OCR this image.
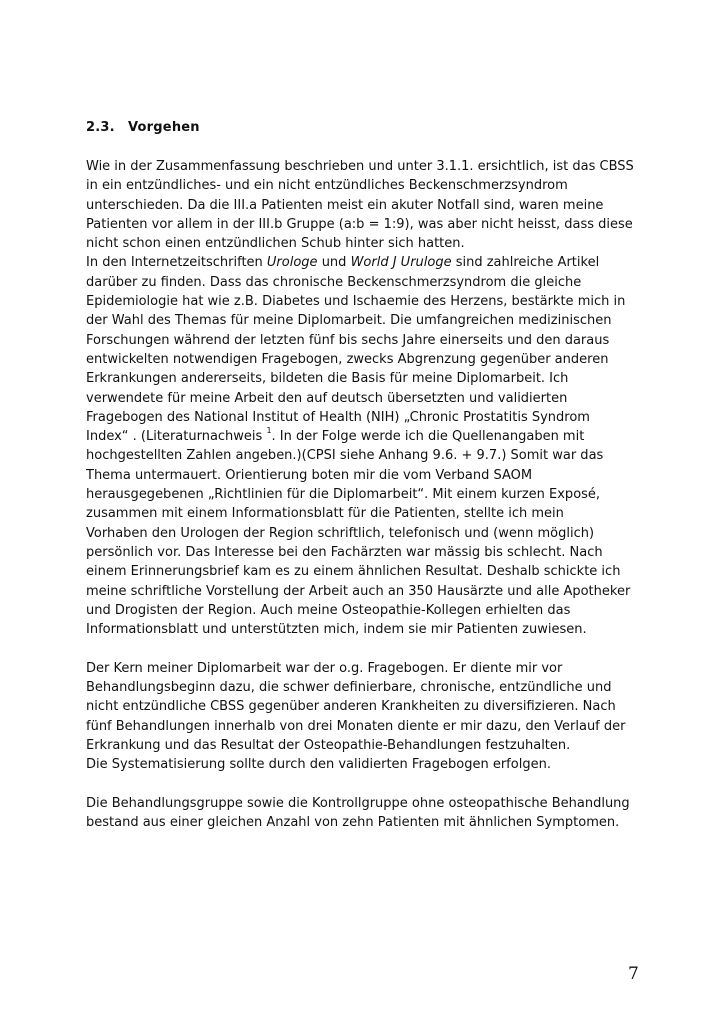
2.3. Vorgehen
Wie in der Zusammenfassung beschrieben und unter 3.1.1. ersichtlich, ist das CBSS
in ein entzündliches- und ein nicht entzündliches Beckenschmerzsyndrom
unterschieden. Da die III.a Patienten meist ein akuter Notfall sind, waren meine
Patienten vor allem in der III.b Gruppe (a:b = 1:9), was aber nicht heisst, dass diese
nicht schon einen entzündlichen Schub hinter sich hatten.
In den Internetzeitschriften Urologe und World J Uruloge sind zahlreiche Artikel
darüber zu finden. Dass das chronische Beckenschmerzsyndrom die gleiche
Epidemiologie hat wie z.B. Diabetes und Ischaemie des Herzens, bestärkte mich in
der Wahl des Themas für meine Diplomarbeit. Die umfangreichen medizinischen
Forschungen während der letzten fünf bis sechs Jahre einerseits und den daraus
entwickelten notwendigen Fragebogen, zwecks Abgrenzung gegenüber anderen
Erkrankungen andererseits, bildeten die Basis für meine Diplomarbeit. Ich
verwendete für meine Arbeit den auf deutsch übersetzten und validierten
Fragebogen des National Institut of Health (NIH) „Chronic Prostatitis Syndrom
Index“ . (Literaturnachweis $^1$. In der Folge werde ich die Quellenangaben mit
hochgestellten Zahlen angeben.)(CPSI siehe Anhang 9.6. + 9.7.) Somit war das
Thema untermauert. Orientierung boten mir die vom Verband SAOM
herausgegebenen „Richtlinien für die Diplomarbeit“. Mit einem kurzen Exposé,
zusammen mit einem Informationsblatt für die Patienten, stellte ich mein
Vorhaben den Urologen der Region schriftlich, telefonisch und (wenn möglich)
persönlich vor. Das Interesse bei den Fachärzten war mässig bis schlecht. Nach
einem Erinnerungsbrief kam es zu einem ähnlichen Resultat. Deshalb schickte ich
meine schriftliche Vorstellung der Arbeit auch an 350 Hausärzte und alle Apotheker
und Drogisten der Region. Auch meine Osteopathie-Kollegen erhielten das
Informationsblatt und unterstützten mich, indem sie mir Patienten zuwiesen.
Der Kern meiner Diplomarbeit war der o.g. Fragebogen. Er diente mir vor
Behandlungsbeginn dazu, die schwer definierbare, chronische, entzündliche und
nicht entzündliche CBSS gegenüber anderen Krankheiten zu diversifizieren. Nach
fünf Behandlungen innerhalb von drei Monaten diente er mir dazu, den Verlauf der
Erkrankung und das Resultat der Osteopathie-Behandlungen festzuhalten.
Die Systematisierung sollte durch den validierten Fragebogen erfolgen.
Die Behandlungsgruppe sowie die Kontrollgruppe ohne osteopathische Behandlung
bestand aus einer gleichen Anzahl von zehn Patienten mit ähnlichen Symptomen.
7
